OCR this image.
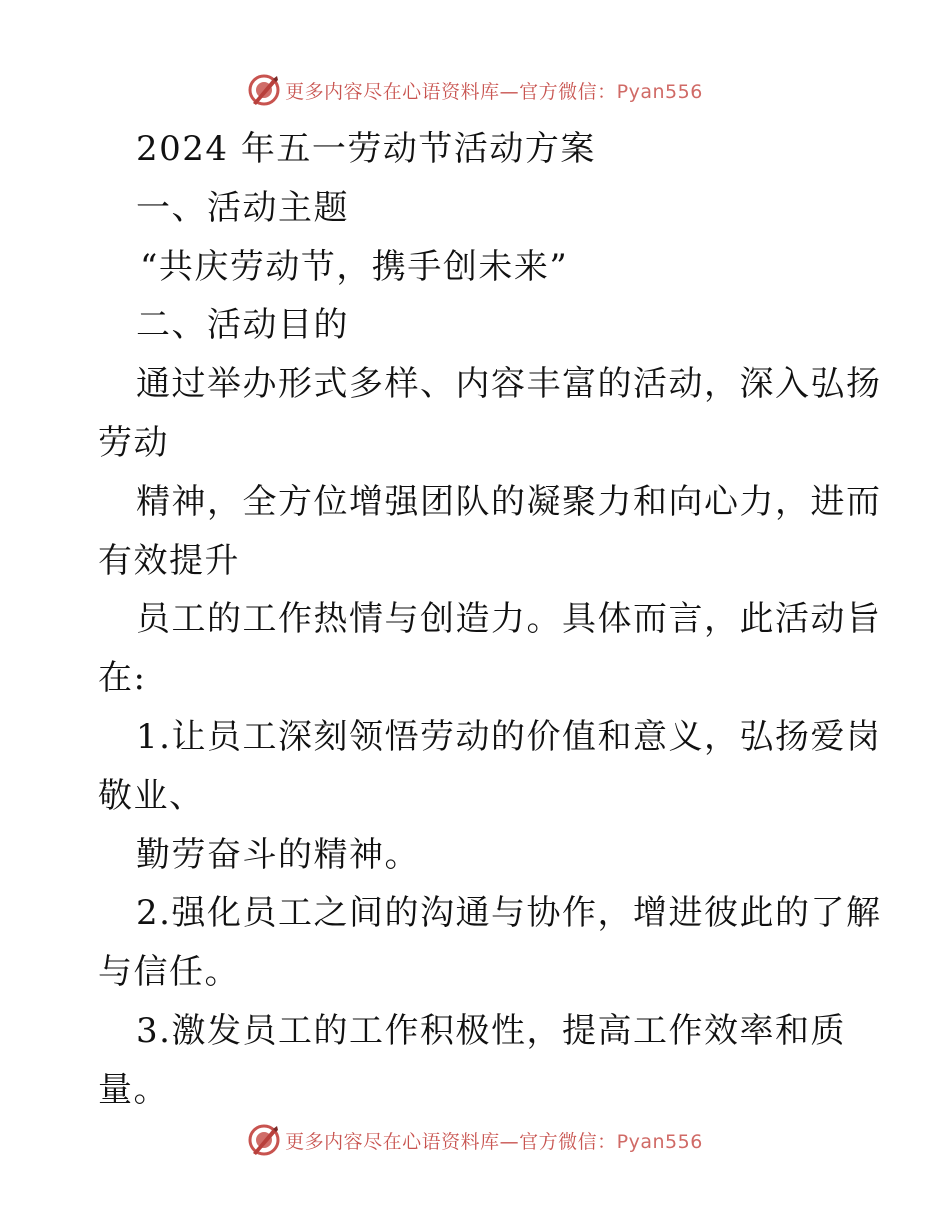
更多内容尽在心语资料库—官方微信：Pyan556
2024 年五一劳动节活动方案
一、活动主题
“共庆劳动节，携手创未来”
二、活动目的
通过举办形式多样、内容丰富的活动，深入弘扬
劳动
精神，全方位增强团队的凝聚力和向心力，进而
有效提升
员工的工作热情与创造力。具体而言，此活动旨
在:
1.让员工深刻领悟劳动的价值和意义，弘扬爱岗
敬业、
勤劳奋斗的精神。
2.强化员工之间的沟通与协作，增进彼此的了解
与信任。
3.激发员工的工作积极性，提高工作效率和质
量。
更多内容尽在心语资料库—官方微信：Pyan556
